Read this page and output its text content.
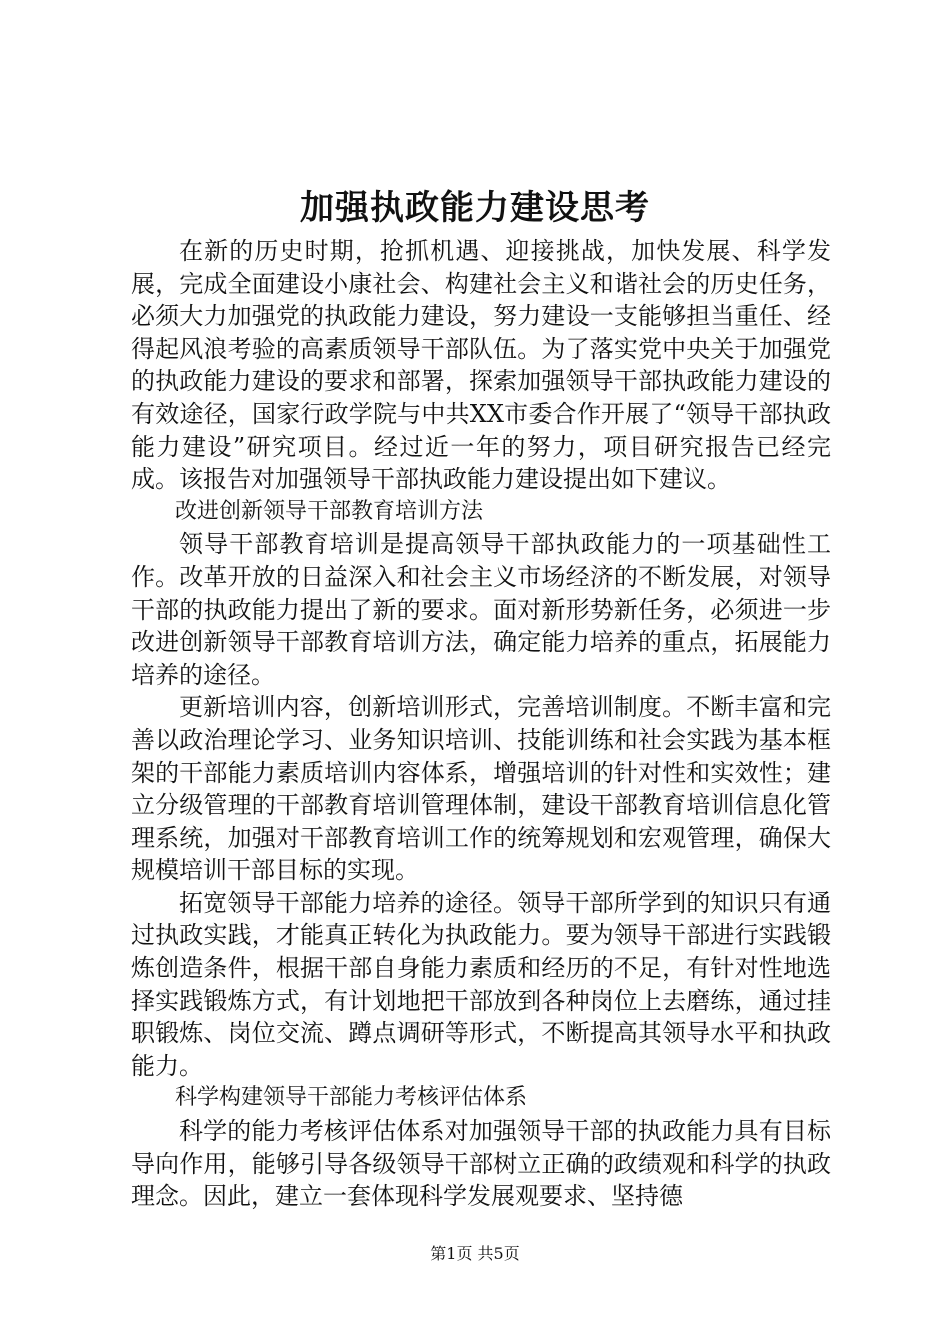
加强执政能力建设思考

在新的历史时期，抢抓机遇、迎接挑战，加快发展、科学发展，完成全面建设小康社会、构建社会主义和谐社会的历史任务，必须大力加强党的执政能力建设，努力建设一支能够担当重任、经得起风浪考验的高素质领导干部队伍。为了落实党中央关于加强党的执政能力建设的要求和部署，探索加强领导干部执政能力建设的有效途径，国家行政学院与中共XX市委合作开展了“领导干部执政能力建设”研究项目。经过近一年的努力，项目研究报告已经完成。该报告对加强领导干部执政能力建设提出如下建议。

改进创新领导干部教育培训方法

领导干部教育培训是提高领导干部执政能力的一项基础性工作。改革开放的日益深入和社会主义市场经济的不断发展，对领导干部的执政能力提出了新的要求。面对新形势新任务，必须进一步改进创新领导干部教育培训方法，确定能力培养的重点，拓展能力培养的途径。

更新培训内容，创新培训形式，完善培训制度。不断丰富和完善以政治理论学习、业务知识培训、技能训练和社会实践为基本框架的干部能力素质培训内容体系，增强培训的针对性和实效性；建立分级管理的干部教育培训管理体制，建设干部教育培训信息化管理系统，加强对干部教育培训工作的统筹规划和宏观管理，确保大规模培训干部目标的实现。

拓宽领导干部能力培养的途径。领导干部所学到的知识只有通过执政实践，才能真正转化为执政能力。要为领导干部进行实践锻炼创造条件，根据干部自身能力素质和经历的不足，有针对性地选择实践锻炼方式，有计划地把干部放到各种岗位上去磨练，通过挂职锻炼、岗位交流、蹲点调研等形式，不断提高其领导水平和执政能力。

科学构建领导干部能力考核评估体系

科学的能力考核评估体系对加强领导干部的执政能力具有目标导向作用，能够引导各级领导干部树立正确的政绩观和科学的执政理念。因此，建立一套体现科学发展观要求、坚持德

第1页 共5页
